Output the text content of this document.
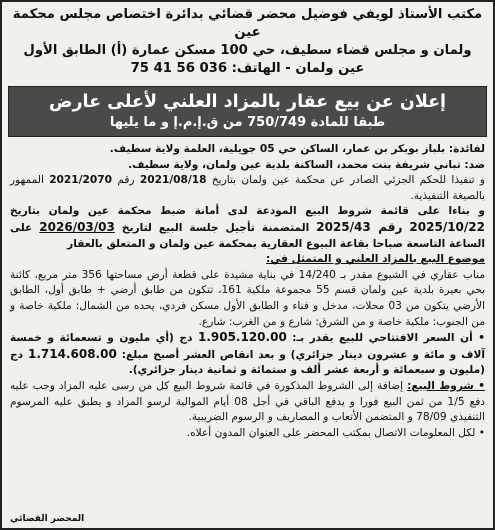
مكتب الأستاذ لويفي فوضيل محضر قضائي بدائرة اختصاص مجلس محكمة عين
ولمان و مجلس قضاء سطيف، حي 100 مسكن عمارة (أ) الطابق الأول
عين ولمان - الهاتف: 036 56 41 75
إعلان عن بيع عقار بالمزاد العلني لأعلى عارض
طبقا للمادة 750/749 من ق.إ.م.إ و ما يليها

لفائدة: بلباز بوبكر بن عمار، الساكن حي 05 جويلية، العلمة ولاية سطيف.

ضد: تباني شريفة بنت محمد، الساكنة بلدية عين ولمان، ولاية سطيف.

و تنفيذا للحكم الجزئي الصادر عن محكمة عين ولمان بتاريخ 2021/08/18 رقم 2021/2070 الممهور بالصيغة التنفيذية.

و بناءا على قائمة شروط البيع المودعة لدى أمانة ضبط محكمة عين ولمان بتاريخ 2025/10/22 رقم 2025/43 المتضمنة تأجيل جلسة البيع لتاريخ 2026/03/03 على الساعة التاسعة صباحا بقاعة البيوع العقارية بمحكمة عين ولمان و المتعلق بالعقار

موضوع البيع بالمزاد العلني و المتمثل في:

مناب عقاري في الشيوع مقدر بـ 14/240 في بناية مشيدة على قطعة أرض مساحتها 356 متر مربع، كائنة بحي بعيرة بلدية عين ولمان قسم 55 مجموعة ملكية 161، تتكون من طابق أرضي + طابق أول، الطابق الأرضي يتكون من 03 محلات، مدخل و فناء و الطابق الأول مسكن فردي، يحده من الشمال: ملكية خاصة و من الجنوب: ملكية خاصة و من الشرق: شارع و من الغرب: شارع.

• أن السعر الافتتاحي للبيع يقدر بـ: 1.905.120.00 دج (أي مليون و تسعمائة و خمسة آلاف و مائة و عشرون دينار جزائري) و بعد انقاص العشر أصبح مبلغ: 1.714.608.00 دج (مليون و سبعمائة و أربعة عشر ألف و ستمائة و ثمانية دينار جزائري).

• شروط البيع: إضافة إلى الشروط المذكورة في قائمة شروط البيع كل من رسى عليه المزاد وجب عليه دفع 1/5 من ثمن البيع فورا و يدفع الباقي في أجل 08 أيام الموالية لرسو المزاد و يطبق عليه المرسوم التنفيذي 78/09 و المتضمن الأتعاب و المصاريف و الرسوم الضريبية.

• لكل المعلومات الاتصال بمكتب المحضر على العنوان المدون أعلاه.

المحضر القضائي
